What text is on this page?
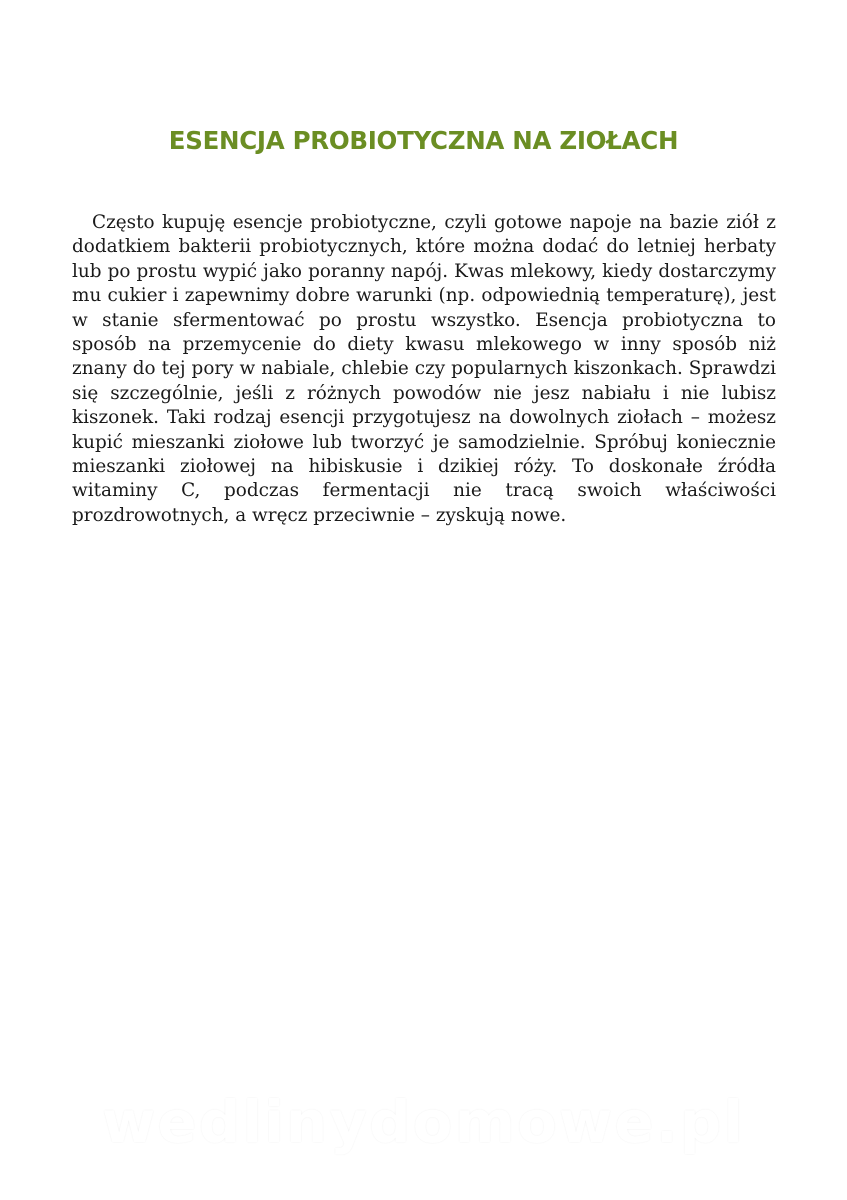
ESENCJA PROBIOTYCZNA NA ZIOŁACH

Często kupuję esencje probiotyczne, czyli gotowe napoje na bazie ziół z dodatkiem bakterii probiotycznych, które można dodać do letniej herbaty lub po prostu wypić jako poranny napój. Kwas mlekowy, kiedy dostarczymy mu cukier i zapewnimy dobre warunki (np. odpowiednią temperaturę), jest w stanie sfermentować po prostu wszystko. Esencja probiotyczna to sposób na przemycenie do diety kwasu mlekowego w inny sposób niż znany do tej pory w nabiale, chlebie czy popularnych kiszonkach. Sprawdzi się szczególnie, jeśli z różnych powodów nie jesz nabiału i nie lubisz kiszonek. Taki rodzaj esencji przygotujesz na dowolnych ziołach – możesz kupić mieszanki ziołowe lub tworzyć je samodzielnie. Spróbuj koniecznie mieszanki ziołowej na hibiskusie i dzikiej róży. To doskonałe źródła witaminy C, podczas fermentacji nie tracą swoich właściwości prozdrowotnych, a wręcz przeciwnie – zyskują nowe.

wedlinydomowe.pl
